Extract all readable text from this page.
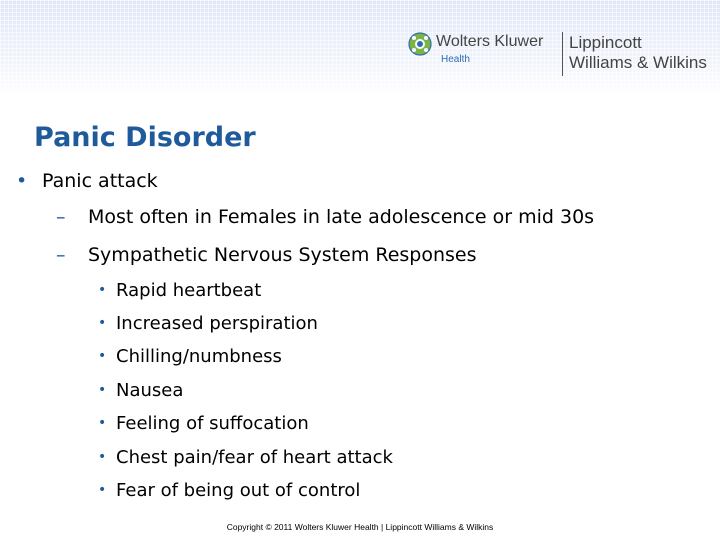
Wolters Kluwer
Health
Lippincott
Williams & Wilkins
Panic Disorder
• Panic attack
– Most often in Females in late adolescence or mid 30s
– Sympathetic Nervous System Responses
• Rapid heartbeat
• Increased perspiration
• Chilling/numbness
• Nausea
• Feeling of suffocation
• Chest pain/fear of heart attack
• Fear of being out of control
Copyright © 2011 Wolters Kluwer Health | Lippincott Williams & Wilkins
